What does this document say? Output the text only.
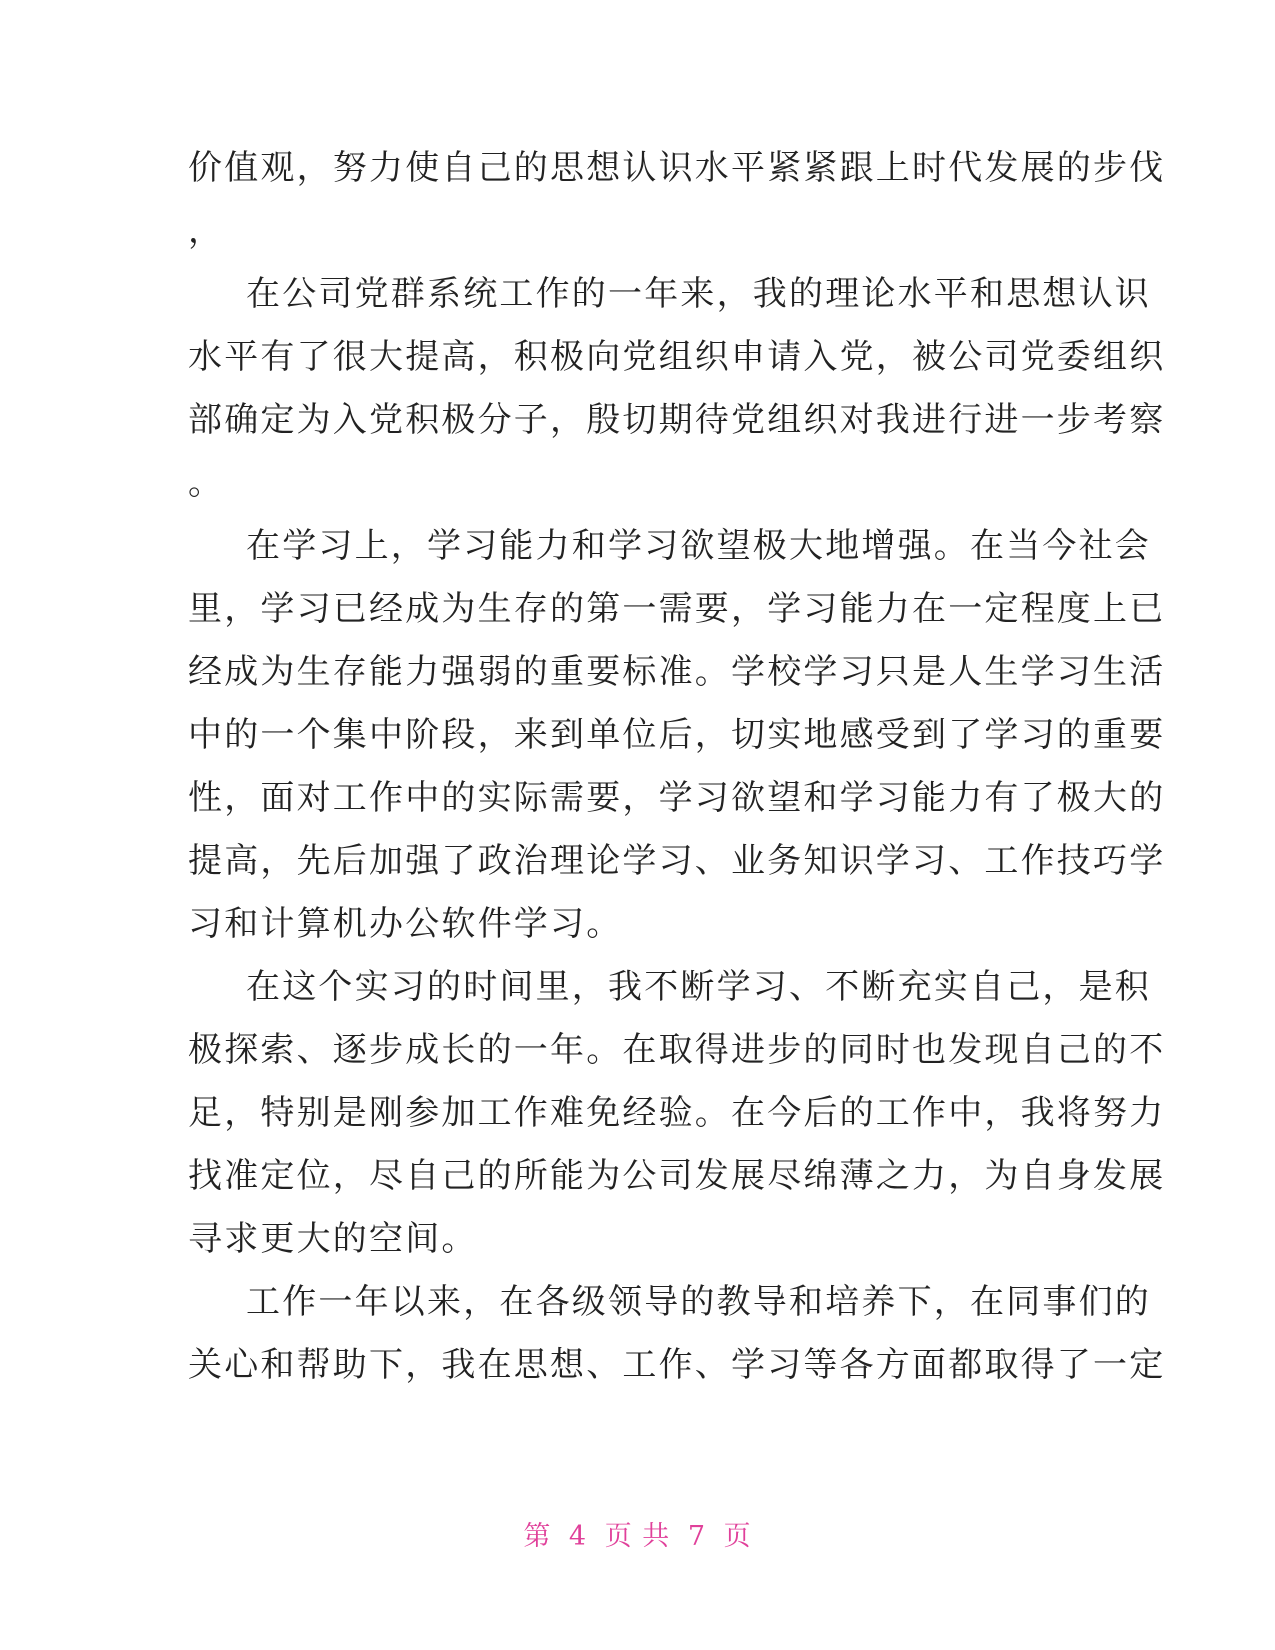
价值观，努力使自己的思想认识水平紧紧跟上时代发展的步伐
，
在公司党群系统工作的一年来，我的理论水平和思想认识
水平有了很大提高，积极向党组织申请入党，被公司党委组织
部确定为入党积极分子，殷切期待党组织对我进行进一步考察
。
在学习上，学习能力和学习欲望极大地增强。在当今社会
里，学习已经成为生存的第一需要，学习能力在一定程度上已
经成为生存能力强弱的重要标准。学校学习只是人生学习生活
中的一个集中阶段，来到单位后，切实地感受到了学习的重要
性，面对工作中的实际需要，学习欲望和学习能力有了极大的
提高，先后加强了政治理论学习、业务知识学习、工作技巧学
习和计算机办公软件学习。
在这个实习的时间里，我不断学习、不断充实自己，是积
极探索、逐步成长的一年。在取得进步的同时也发现自己的不
足，特别是刚参加工作难免经验。在今后的工作中，我将努力
找准定位，尽自己的所能为公司发展尽绵薄之力，为自身发展
寻求更大的空间。
工作一年以来，在各级领导的教导和培养下，在同事们的
关心和帮助下，我在思想、工作、学习等各方面都取得了一定
第 4 页 共 7 页
